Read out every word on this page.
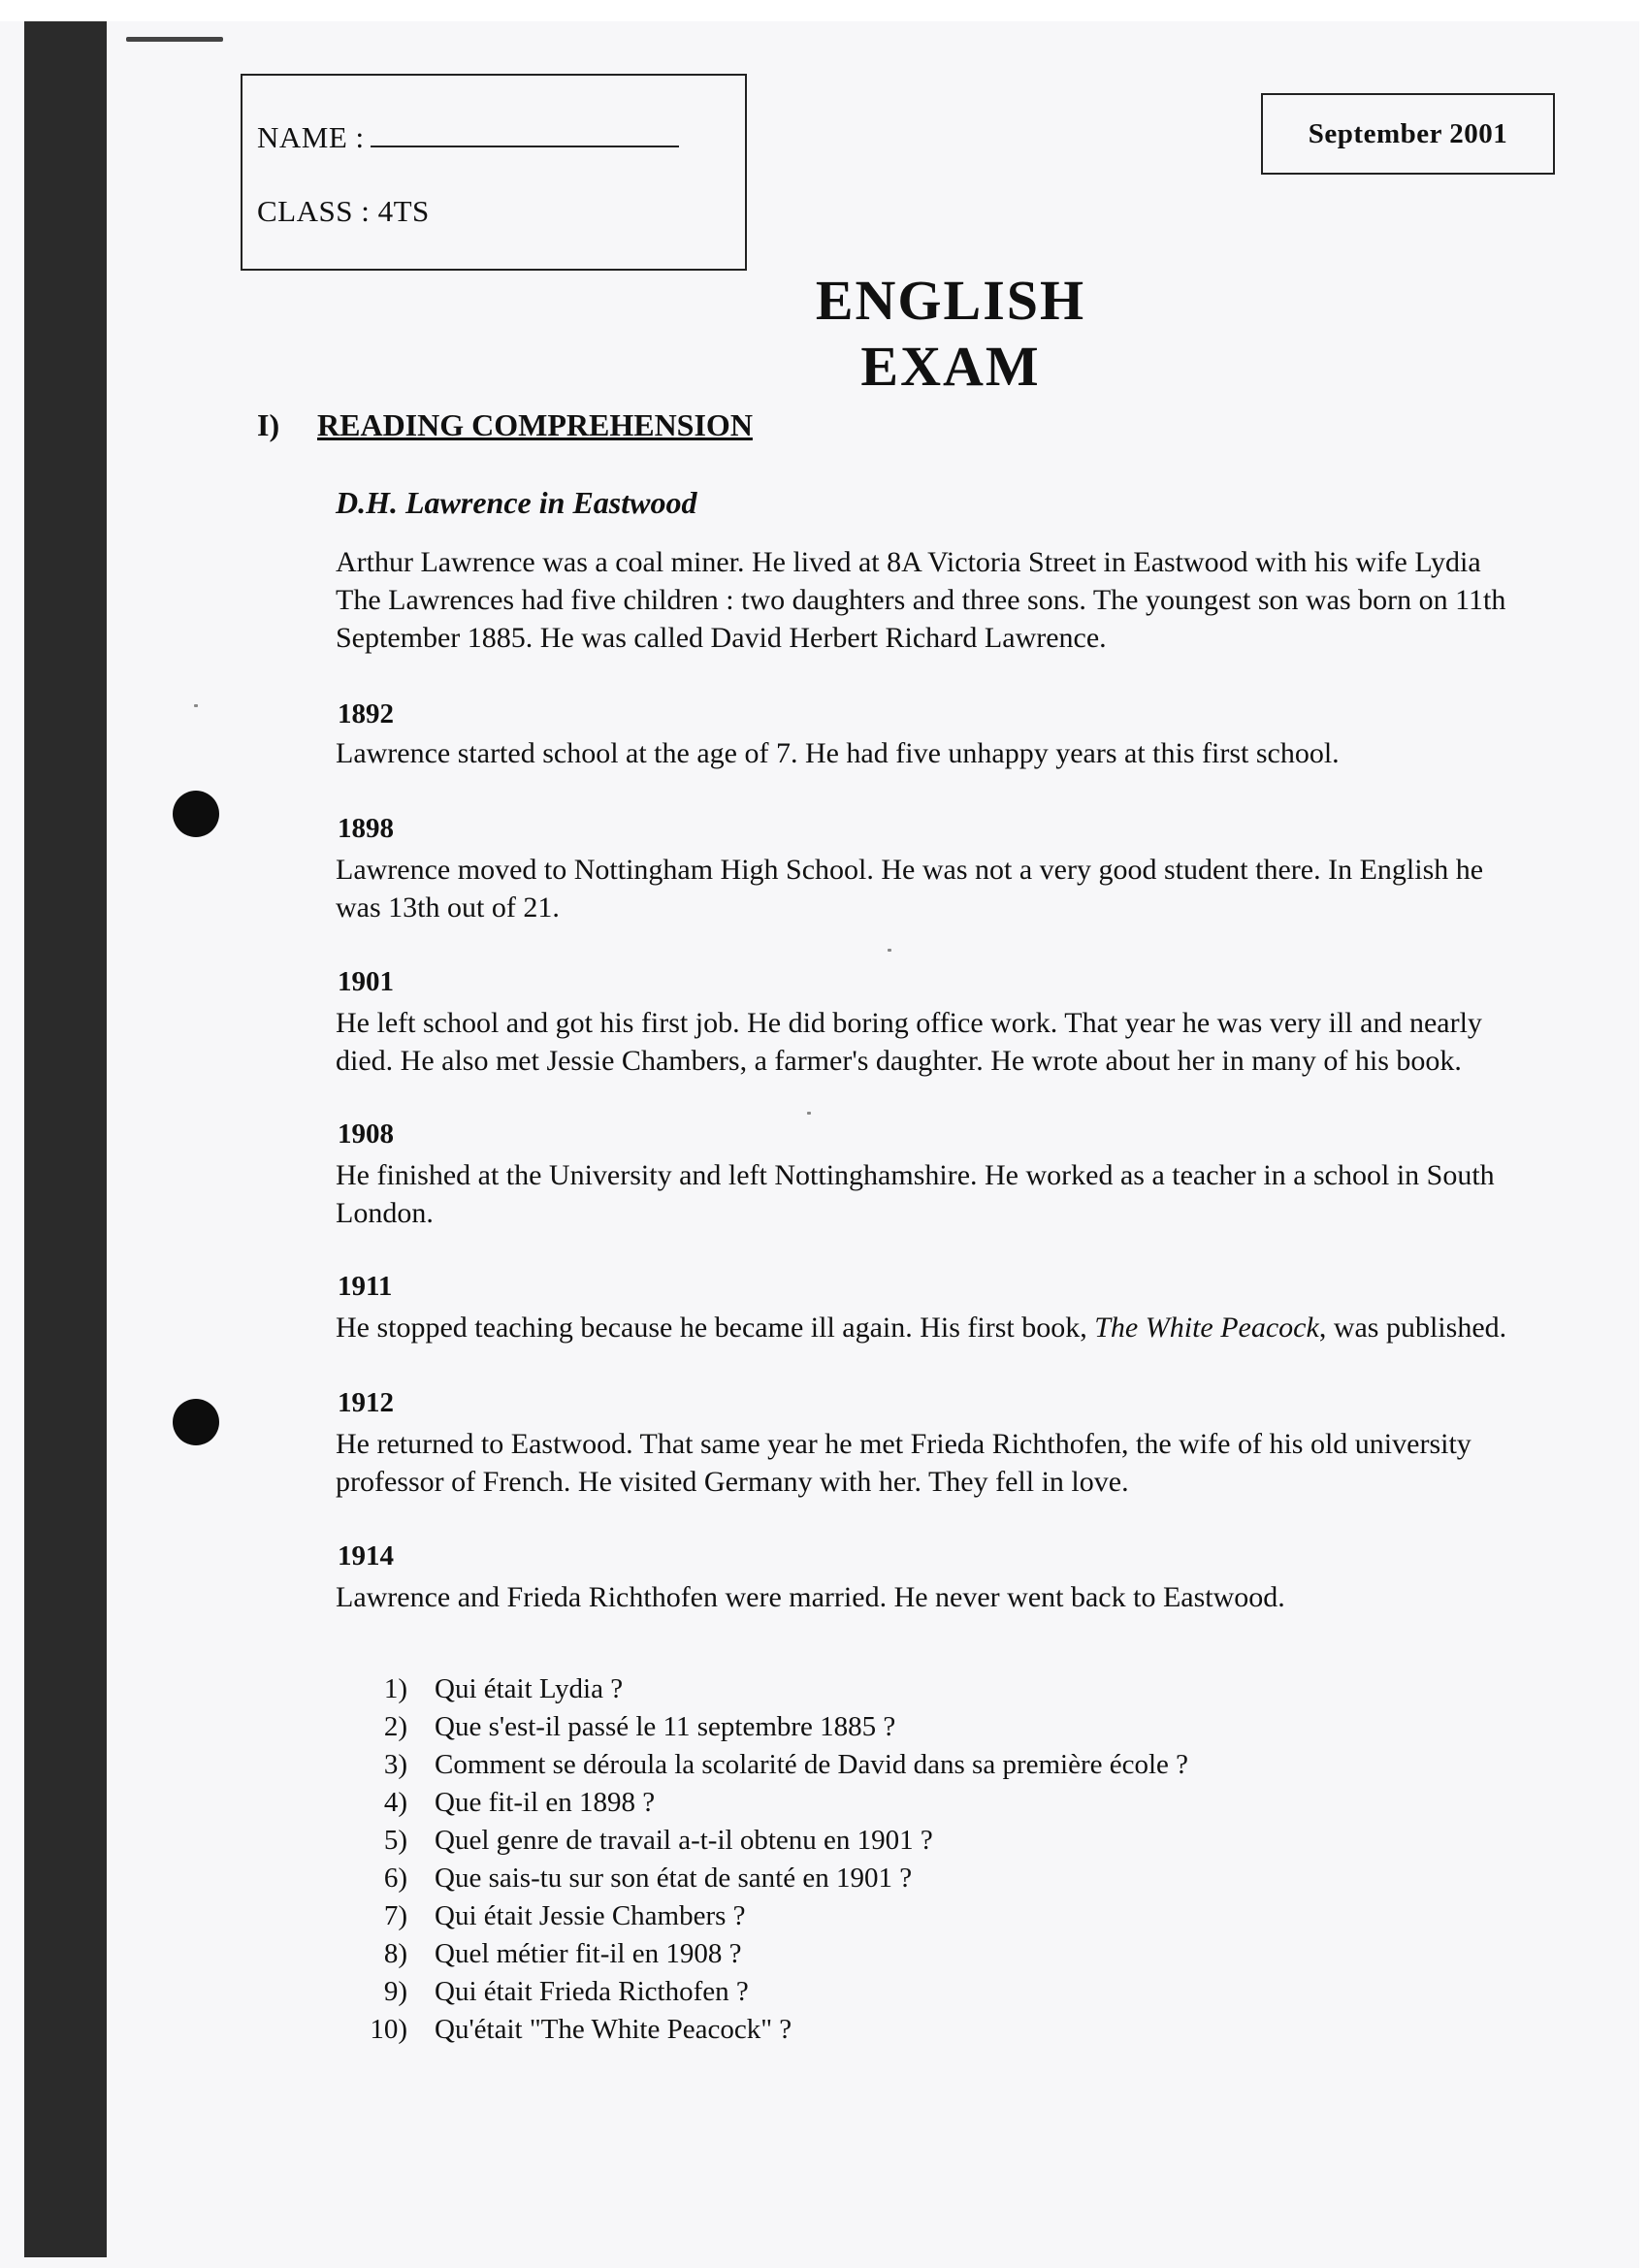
NAME :
CLASS : 4TS
September 2001
ENGLISH
EXAM
I) READING COMPREHENSION
D.H. Lawrence in Eastwood
Arthur Lawrence was a coal miner. He lived at 8A Victoria Street in Eastwood with his wife Lydia
The Lawrences had five children : two daughters and three sons. The youngest son was born on 11th
September 1885. He was called David Herbert Richard Lawrence.
1892
Lawrence started school at the age of 7. He had five unhappy years at this first school.
1898
Lawrence moved to Nottingham High School. He was not a very good student there. In English he
was 13th out of 21.
1901
He left school and got his first job. He did boring office work. That year he was very ill and nearly
died. He also met Jessie Chambers, a farmer's daughter. He wrote about her in many of his book.
1908
He finished at the University and left Nottinghamshire. He worked as a teacher in a school in South
London.
1911
He stopped teaching because he became ill again. His first book, The White Peacock, was published.
1912
He returned to Eastwood. That same year he met Frieda Richthofen, the wife of his old university
professor of French. He visited Germany with her. They fell in love.
1914
Lawrence and Frieda Richthofen were married. He never went back to Eastwood.
1) Qui était Lydia ?
2) Que s'est-il passé le 11 septembre 1885 ?
3) Comment se déroula la scolarité de David dans sa première école ?
4) Que fit-il en 1898 ?
5) Quel genre de travail a-t-il obtenu en 1901 ?
6) Que sais-tu sur son état de santé en 1901 ?
7) Qui était Jessie Chambers ?
8) Quel métier fit-il en 1908 ?
9) Qui était Frieda Ricthofen ?
10) Qu'était "The White Peacock" ?
